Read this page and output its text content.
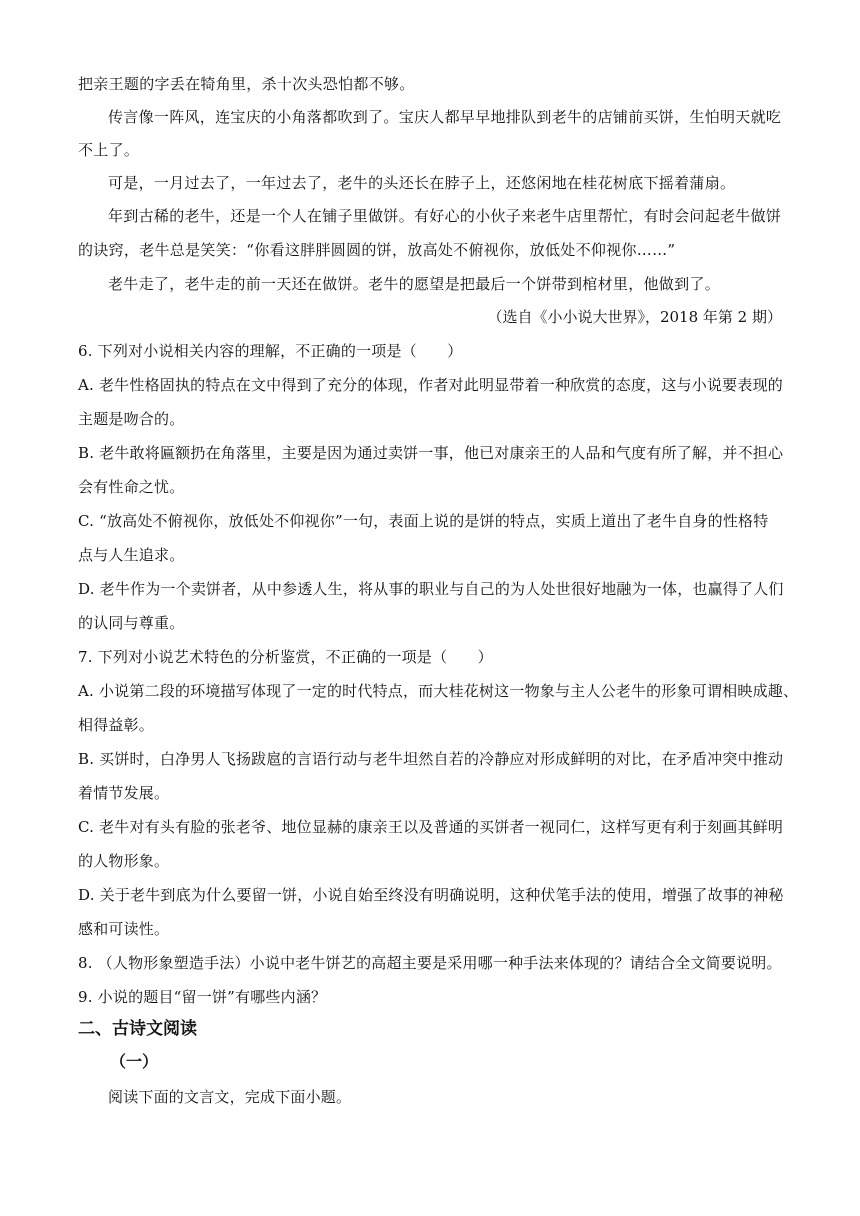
把亲王题的字丢在犄角里，杀十次头恐怕都不够。
传言像一阵风，连宝庆的小角落都吹到了。宝庆人都早早地排队到老牛的店铺前买饼，生怕明天就吃
不上了。
可是，一月过去了，一年过去了，老牛的头还长在脖子上，还悠闲地在桂花树底下摇着蒲扇。
年到古稀的老牛，还是一个人在铺子里做饼。有好心的小伙子来老牛店里帮忙，有时会问起老牛做饼
的诀窍，老牛总是笑笑：“你看这胖胖圆圆的饼，放高处不俯视你，放低处不仰视你……”
老牛走了，老牛走的前一天还在做饼。老牛的愿望是把最后一个饼带到棺材里，他做到了。
（选自《小小说大世界》，2018 年第 2 期）
6. 下列对小说相关内容的理解，不正确的一项是（　　）
A. 老牛性格固执的特点在文中得到了充分的体现，作者对此明显带着一种欣赏的态度，这与小说要表现的
主题是吻合的。
B. 老牛敢将匾额扔在角落里，主要是因为通过卖饼一事，他已对康亲王的人品和气度有所了解，并不担心
会有性命之忧。
C. “放高处不俯视你，放低处不仰视你”一句，表面上说的是饼的特点，实质上道出了老牛自身的性格特
点与人生追求。
D. 老牛作为一个卖饼者，从中参透人生，将从事的职业与自己的为人处世很好地融为一体，也赢得了人们
的认同与尊重。
7. 下列对小说艺术特色的分析鉴赏，不正确的一项是（　　）
A. 小说第二段的环境描写体现了一定的时代特点，而大桂花树这一物象与主人公老牛的形象可谓相映成趣、
相得益彰。
B. 买饼时，白净男人飞扬跋扈的言语行动与老牛坦然自若的冷静应对形成鲜明的对比，在矛盾冲突中推动
着情节发展。
C. 老牛对有头有脸的张老爷、地位显赫的康亲王以及普通的买饼者一视同仁，这样写更有利于刻画其鲜明
的人物形象。
D. 关于老牛到底为什么要留一饼，小说自始至终没有明确说明，这种伏笔手法的使用，增强了故事的神秘
感和可读性。
8. （人物形象塑造手法）小说中老牛饼艺的高超主要是采用哪一种手法来体现的？请结合全文简要说明。
9. 小说的题目“留一饼”有哪些内涵？
二、古诗文阅读
（一）
阅读下面的文言文，完成下面小题。
